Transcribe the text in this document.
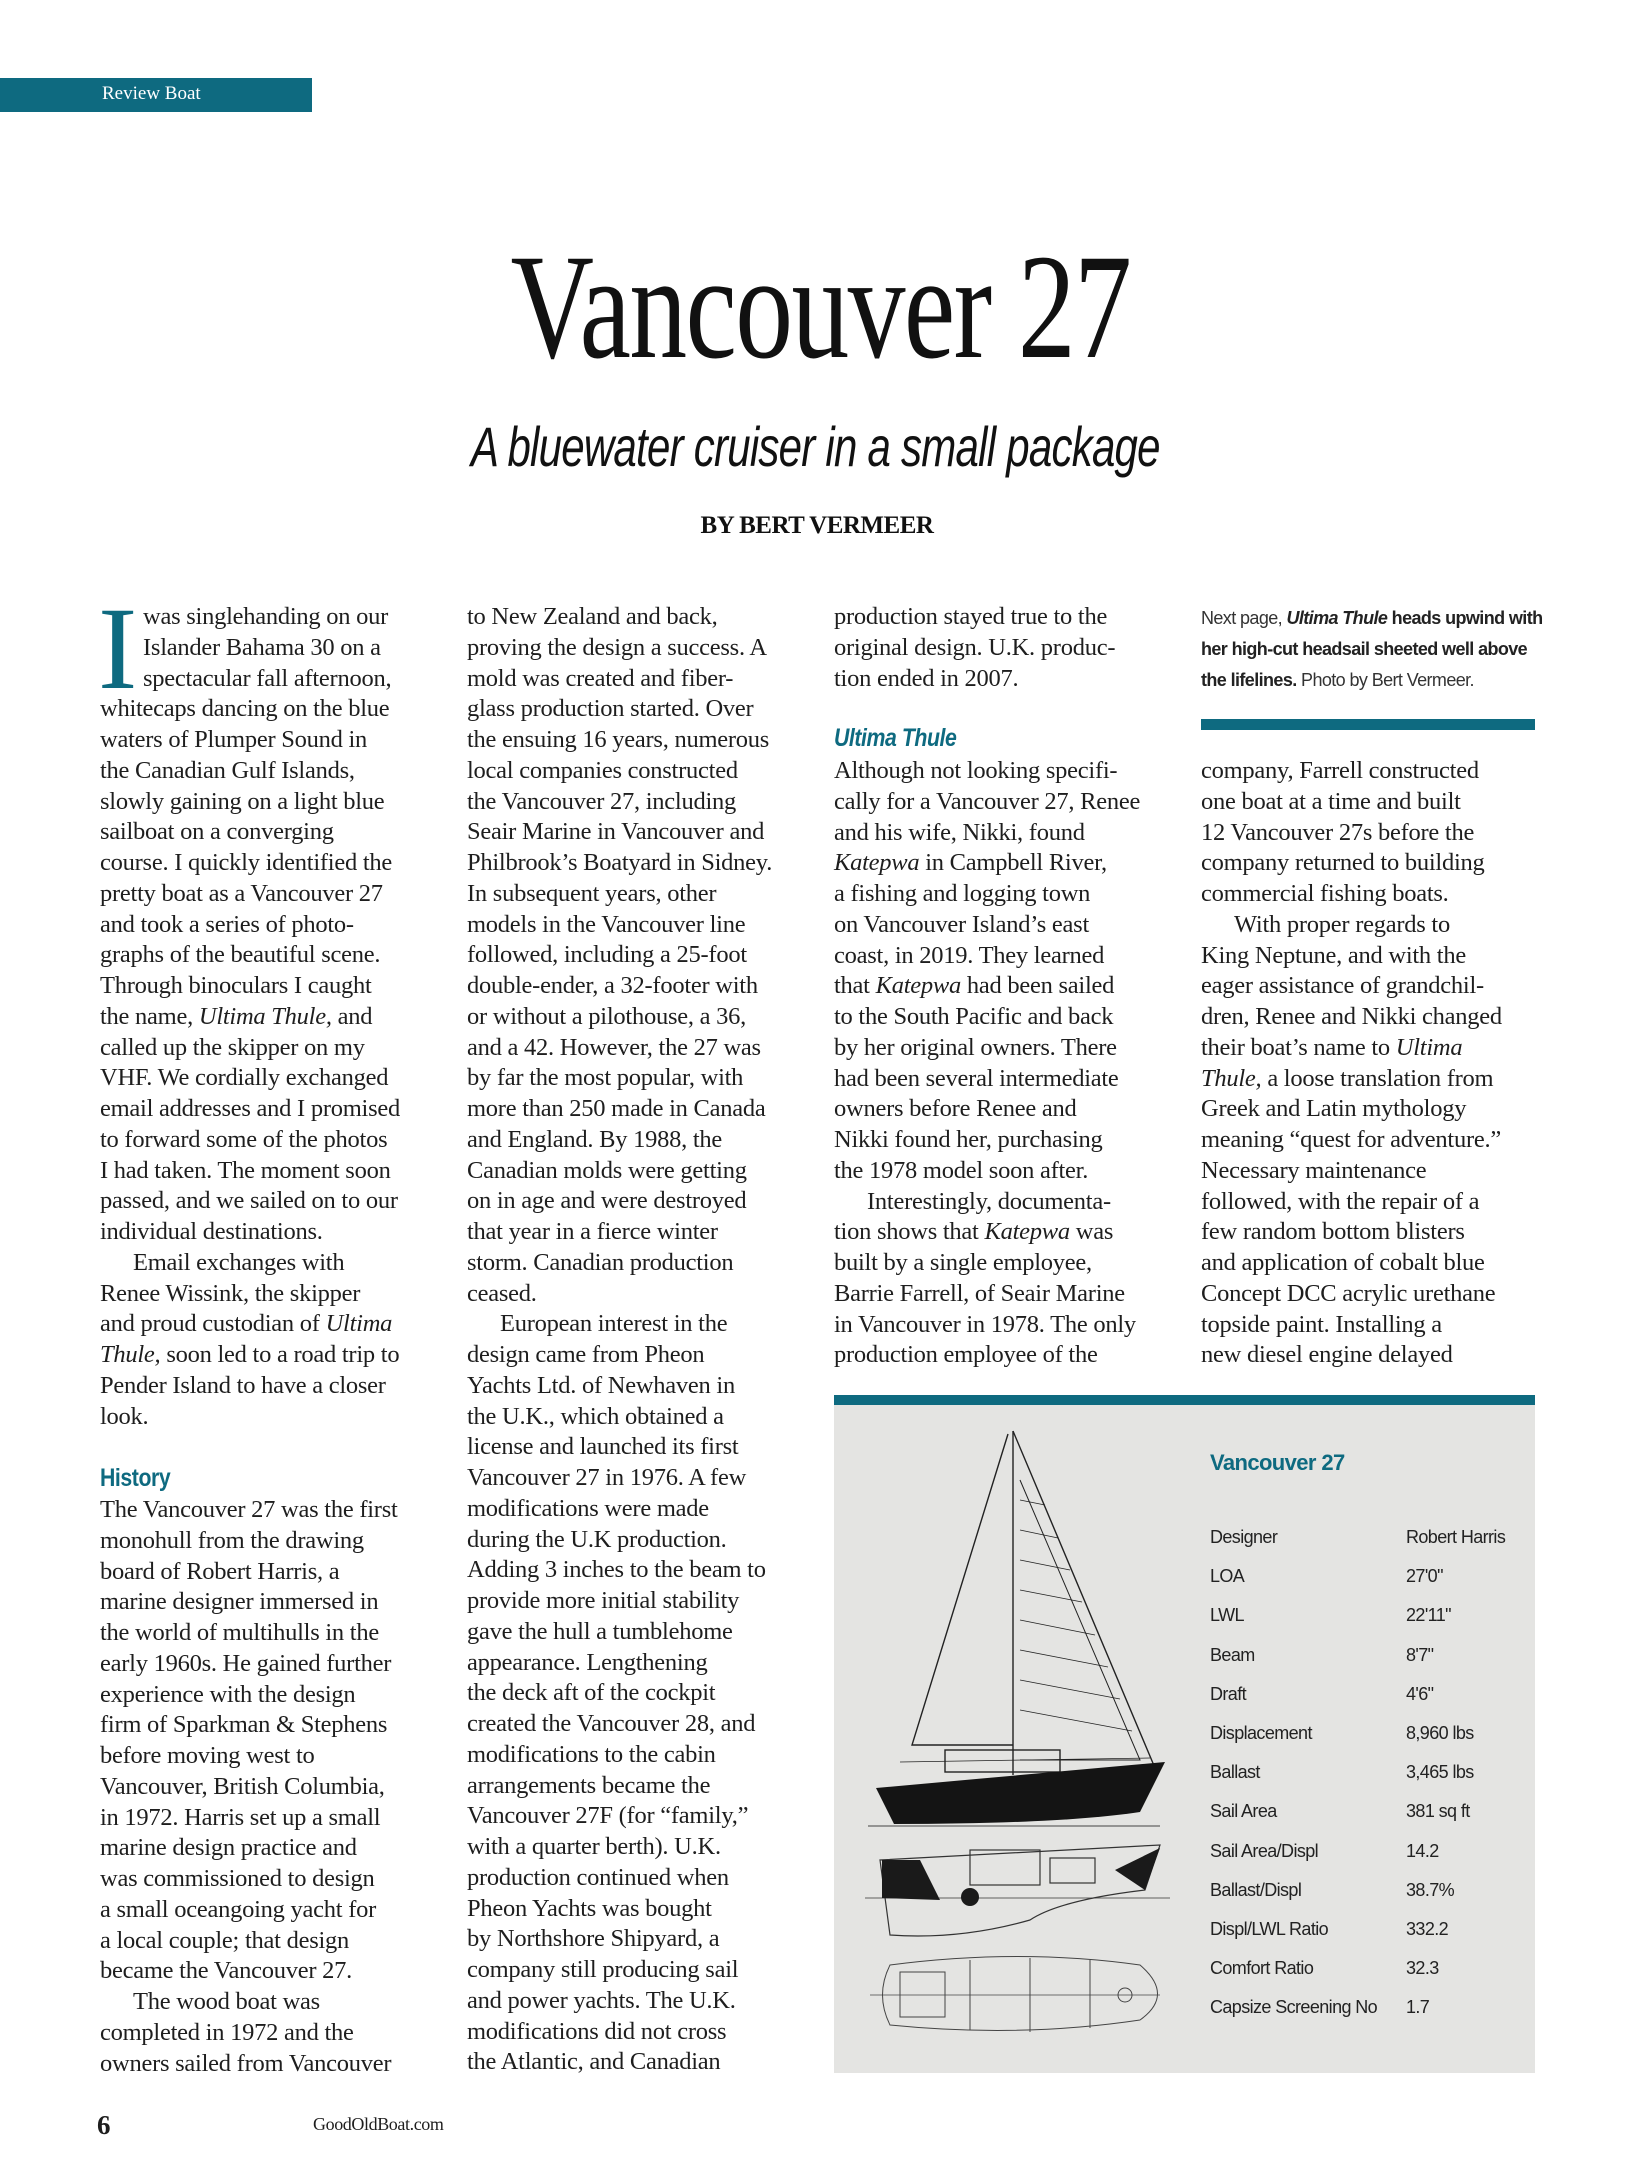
Review Boat
Vancouver 27
A bluewater cruiser in a small package
BY BERT VERMEER
I was singlehanding on our
Islander Bahama 30 on a
spectacular fall afternoon,
whitecaps dancing on the blue
waters of Plumper Sound in
the Canadian Gulf Islands,
slowly gaining on a light blue
sailboat on a converging
course. I quickly identified the
pretty boat as a Vancouver 27
and took a series of photo-
graphs of the beautiful scene.
Through binoculars I caught
the name, Ultima Thule, and
called up the skipper on my
VHF. We cordially exchanged
email addresses and I promised
to forward some of the photos
I had taken. The moment soon
passed, and we sailed on to our
individual destinations.
Email exchanges with
Renee Wissink, the skipper
and proud custodian of Ultima
Thule, soon led to a road trip to
Pender Island to have a closer
look.
History
The Vancouver 27 was the first
monohull from the drawing
board of Robert Harris, a
marine designer immersed in
the world of multihulls in the
early 1960s. He gained further
experience with the design
firm of Sparkman & Stephens
before moving west to
Vancouver, British Columbia,
in 1972. Harris set up a small
marine design practice and
was commissioned to design
a small oceangoing yacht for
a local couple; that design
became the Vancouver 27.
The wood boat was
completed in 1972 and the
owners sailed from Vancouver
to New Zealand and back,
proving the design a success. A
mold was created and fiber-
glass production started. Over
the ensuing 16 years, numerous
local companies constructed
the Vancouver 27, including
Seair Marine in Vancouver and
Philbrook’s Boatyard in Sidney.
In subsequent years, other
models in the Vancouver line
followed, including a 25-foot
double-ender, a 32-footer with
or without a pilothouse, a 36,
and a 42. However, the 27 was
by far the most popular, with
more than 250 made in Canada
and England. By 1988, the
Canadian molds were getting
on in age and were destroyed
that year in a fierce winter
storm. Canadian production
ceased.
European interest in the
design came from Pheon
Yachts Ltd. of Newhaven in
the U.K., which obtained a
license and launched its first
Vancouver 27 in 1976. A few
modifications were made
during the U.K production.
Adding 3 inches to the beam to
provide more initial stability
gave the hull a tumblehome
appearance. Lengthening
the deck aft of the cockpit
created the Vancouver 28, and
modifications to the cabin
arrangements became the
Vancouver 27F (for “family,”
with a quarter berth). U.K.
production continued when
Pheon Yachts was bought
by Northshore Shipyard, a
company still producing sail
and power yachts. The U.K.
modifications did not cross
the Atlantic, and Canadian
production stayed true to the
original design. U.K. produc-
tion ended in 2007.
Ultima Thule
Although not looking specifi-
cally for a Vancouver 27, Renee
and his wife, Nikki, found
Katepwa in Campbell River,
a fishing and logging town
on Vancouver Island’s east
coast, in 2019. They learned
that Katepwa had been sailed
to the South Pacific and back
by her original owners. There
had been several intermediate
owners before Renee and
Nikki found her, purchasing
the 1978 model soon after.
Interestingly, documenta-
tion shows that Katepwa was
built by a single employee,
Barrie Farrell, of Seair Marine
in Vancouver in 1978. The only
production employee of the
Next page, Ultima Thule heads upwind with
her high-cut headsail sheeted well above
the lifelines. Photo by Bert Vermeer.
company, Farrell constructed
one boat at a time and built
12 Vancouver 27s before the
company returned to building
commercial fishing boats.
With proper regards to
King Neptune, and with the
eager assistance of grandchil-
dren, Renee and Nikki changed
their boat’s name to Ultima
Thule, a loose translation from
Greek and Latin mythology
meaning “quest for adventure.”
Necessary maintenance
followed, with the repair of a
few random bottom blisters
and application of cobalt blue
Concept DCC acrylic urethane
topside paint. Installing a
new diesel engine delayed
Vancouver 27
Designer	Robert Harris
LOA	27'0"
LWL	22'11"
Beam	8'7"
Draft	4'6"
Displacement	8,960 lbs
Ballast	3,465 lbs
Sail Area	381 sq ft
Sail Area/Displ	14.2
Ballast/Displ	38.7%
Displ/LWL Ratio	332.2
Comfort Ratio	32.3
Capsize Screening No 1.7
6	GoodOldBoat.com
